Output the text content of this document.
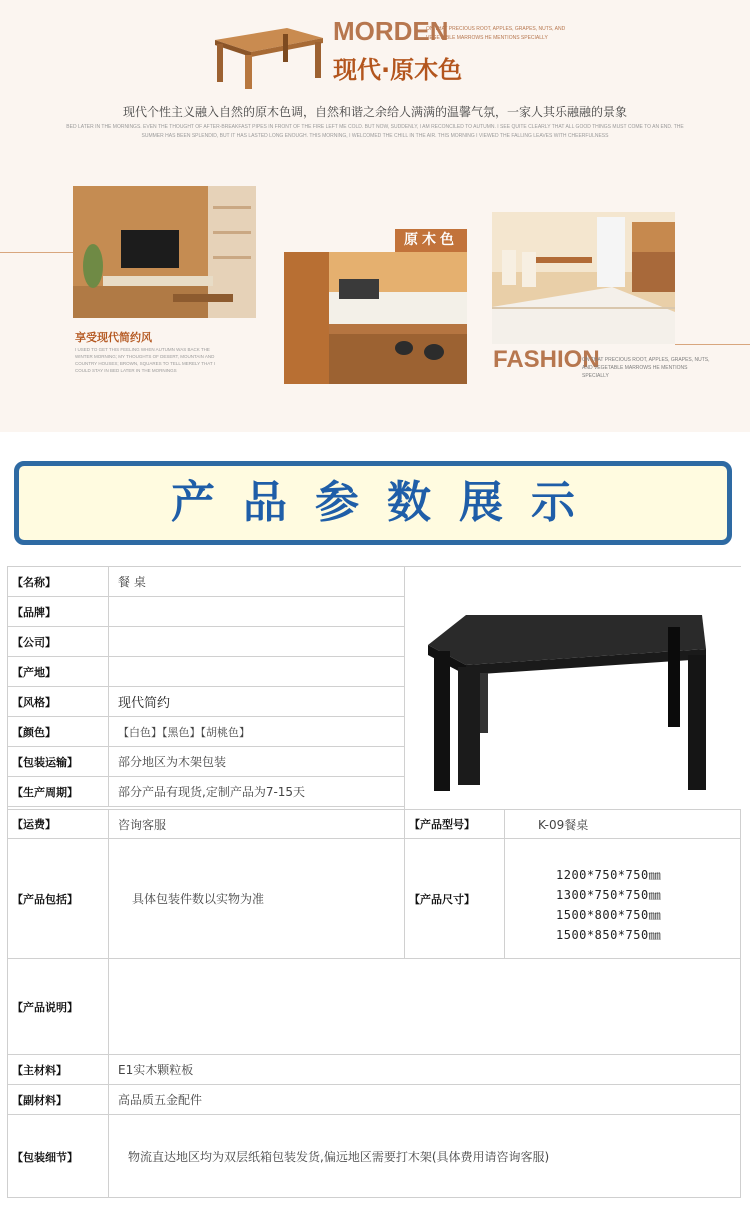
MORDEN
ON THAT PRECIOUS ROOT, APPLES, GRAPES, NUTS, AND VEGETABLE MARROWS HE MENTIONS SPECIALLY
现代·原木色
现代个性主义融入自然的原木色调，自然和谐之余给人满满的温馨气氛，一家人其乐融融的景象
BED LATER IN THE MORNINGS. EVEN THE THOUGHT OF AFTER-BREAKFAST PIPES IN FRONT OF THE FIRE LEFT ME COLD. BUT NOW, SUDDENLY, I AM RECONCILED TO AUTUMN. I SEE QUITE CLEARLY THAT ALL GOOD THINGS MUST COME TO AN END. THE SUMMER HAS BEEN SPLENDID, BUT IT HAS LASTED LONG ENOUGH. THIS MORNING, I WELCOMED THE CHILL IN THE AIR. THIS MORNING I VIEWED THE FALLING LEAVES WITH CHEERFULNESS
原木色
享受现代简约风
I USED TO GET THIS FEELING WHEN AUTUMN WAS BACK THE WINTER MORNING; MY THOUGHTS OF DESERT, MOUNTAIN AND COUNTRY HOUSES; BROWN, SQUARES TO TELL MERELY THAT I COULD STAY IN BED LATER IN THE MORNINGS	FASHION
ON THAT PRECIOUS ROOT, APPLES, GRAPES, NUTS, AND VEGETABLE MARROWS HE MENTIONS SPECIALLY
产品参数展示
【名称】	餐 桌
【品牌】
【公司】
【产地】
【风格】	现代简约
【颜色】	【白色】【黑色】【胡桃色】
【包装运输】	部分地区为木架包装
【生产周期】	部分产品有现货,定制产品为7-15天
【运费】	咨询客服	【产品型号】	K-09餐桌
【产品包括】	具体包装件数以实物为准	【产品尺寸】
1200*750*750㎜
1300*750*750㎜
1500*800*750㎜
1500*850*750㎜
【产品说明】
【主材料】	E1实木颗粒板
【副材料】	高品质五金配件
【包装细节】	物流直达地区均为双层纸箱包装发货,偏远地区需要打木架(具体费用请咨询客服)
